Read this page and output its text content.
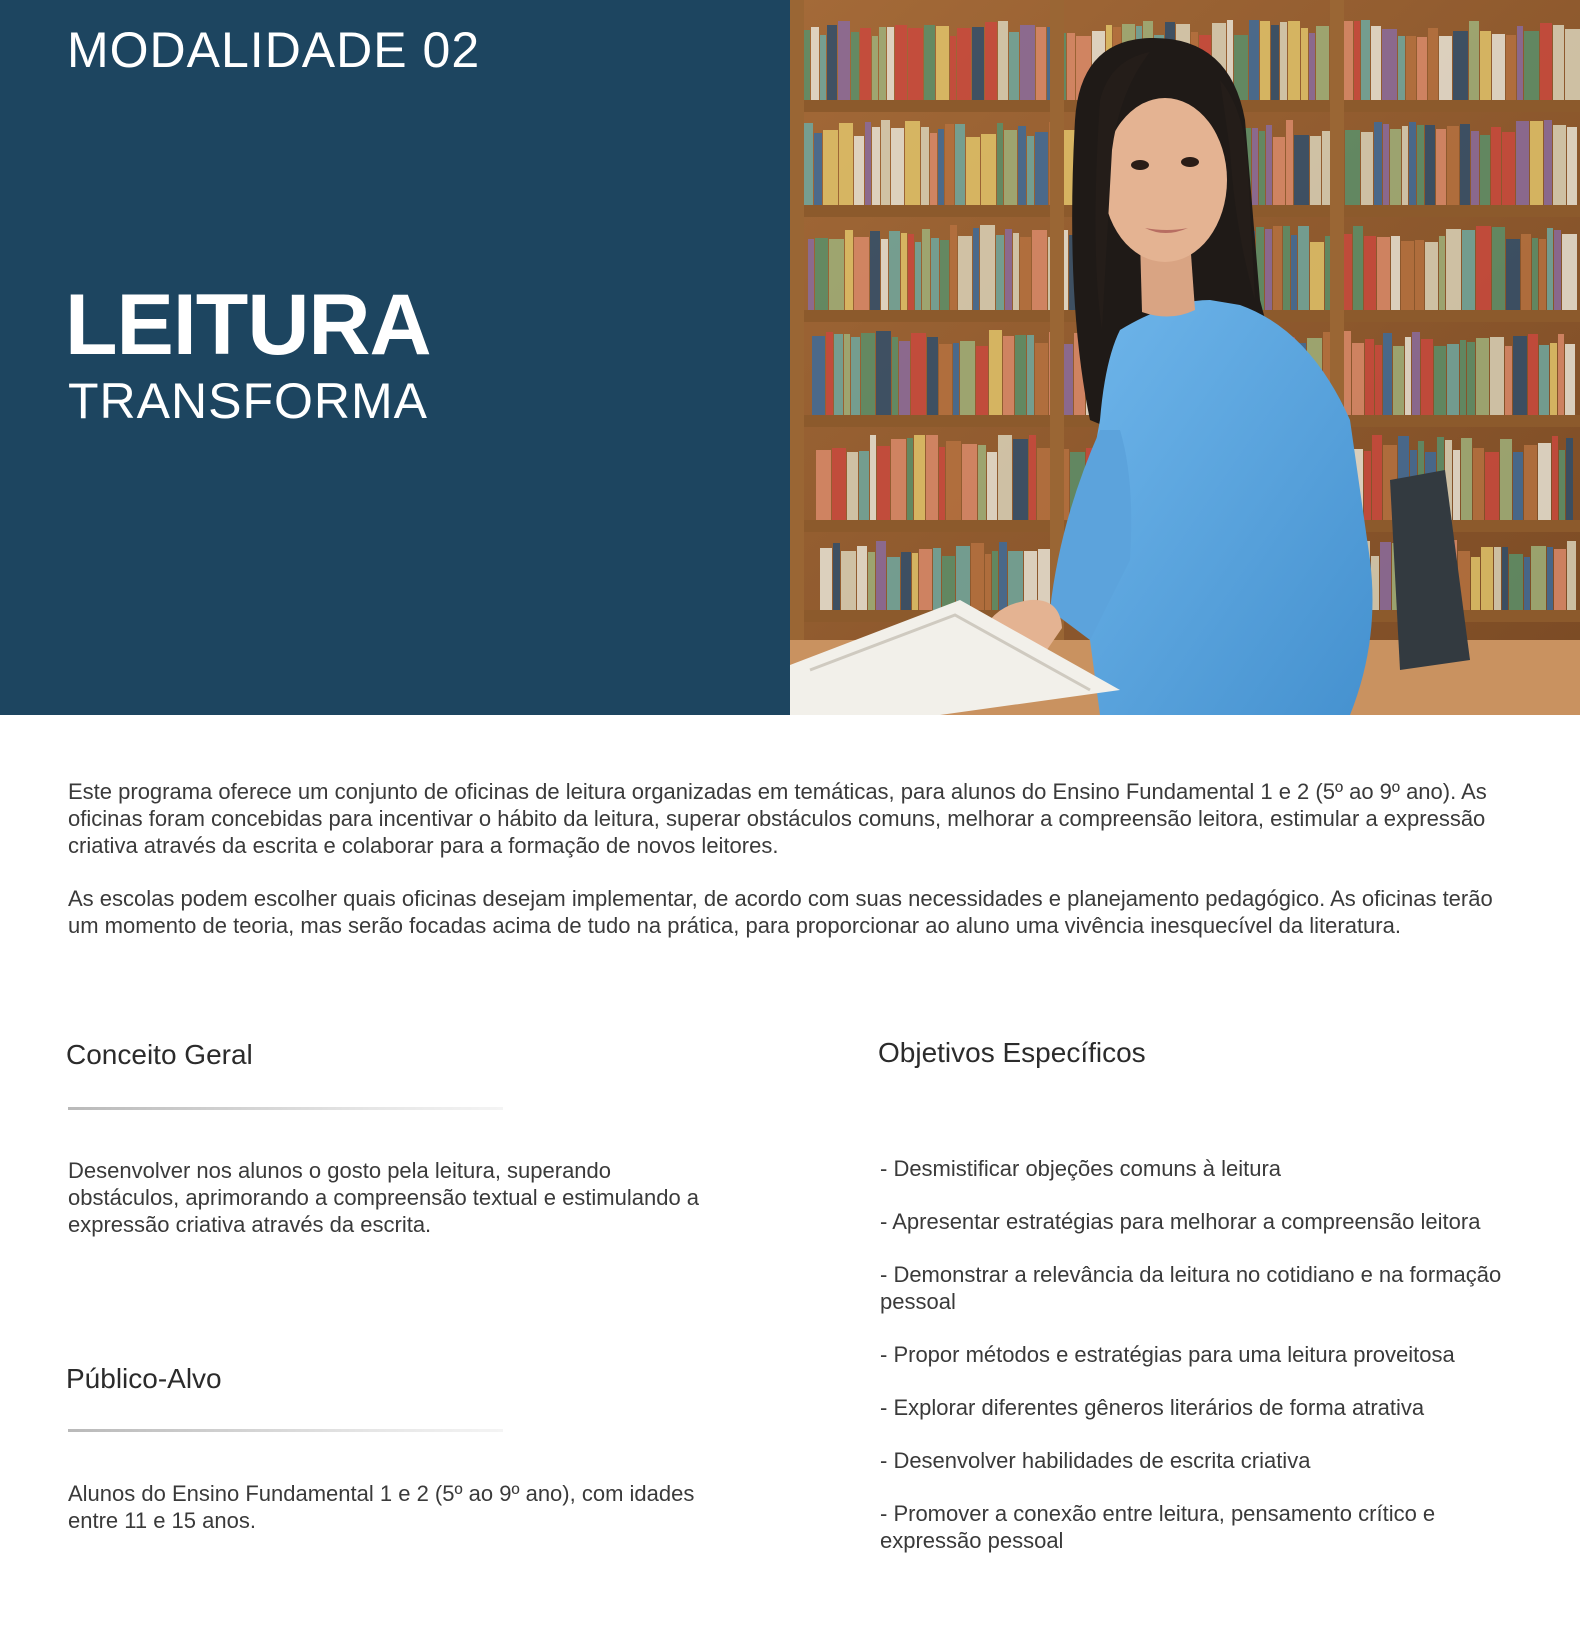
MODALIDADE 02
LEITURA
TRANSFORMA

Este programa oferece um conjunto de oficinas de leitura organizadas em temáticas, para alunos do Ensino Fundamental 1 e 2 (5º ao 9º ano). As oficinas foram concebidas para incentivar o hábito da leitura, superar obstáculos comuns, melhorar a compreensão leitora, estimular a expressão criativa através da escrita e colaborar para a formação de novos leitores.

As escolas podem escolher quais oficinas desejam implementar, de acordo com suas necessidades e planejamento pedagógico. As oficinas terão um momento de teoria, mas serão focadas acima de tudo na prática, para proporcionar ao aluno uma vivência inesquecível da literatura.

Conceito Geral

Desenvolver nos alunos o gosto pela leitura, superando obstáculos, aprimorando a compreensão textual e estimulando a expressão criativa através da escrita.

Público-Alvo

Alunos do Ensino Fundamental 1 e 2 (5º ao 9º ano), com idades entre 11 e 15 anos.

Objetivos Específicos
- Desmistificar objeções comuns à leitura
- Apresentar estratégias para melhorar a compreensão leitora
- Demonstrar a relevância da leitura no cotidiano e na formação pessoal
- Propor métodos e estratégias para uma leitura proveitosa
- Explorar diferentes gêneros literários de forma atrativa
- Desenvolver habilidades de escrita criativa
- Promover a conexão entre leitura, pensamento crítico e expressão pessoal
